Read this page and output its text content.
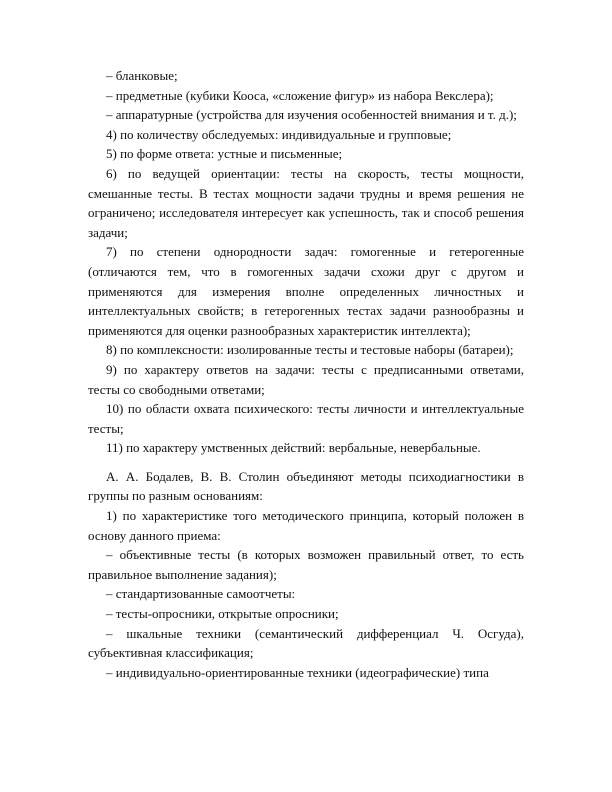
– бланковые;

– предметные (кубики Кооса, «сложение фигур» из набора Векслера);

– аппаратурные (устройства для изучения особенностей внимания и т. д.);

4) по количеству обследуемых: индивидуальные и групповые;

5) по форме ответа: устные и письменные;

6) по ведущей ориентации: тесты на скорость, тесты мощности, смешанные тесты. В тестах мощности задачи трудны и время решения не ограничено; исследователя интересует как успешность, так и способ решения задачи;

7) по степени однородности задач: гомогенные и гетерогенные (отличаются тем, что в гомогенных задачи схожи друг с другом и применяются для измерения вполне определенных личностных и интеллектуальных свойств; в гетерогенных тестах задачи разнообразны и применяются для оценки разнообразных характеристик интеллекта);

8) по комплексности: изолированные тесты и тестовые наборы (батареи);

9) по характеру ответов на задачи: тесты с предписанными ответами, тесты со свободными ответами;

10) по области охвата психического: тесты личности и интеллектуальные тесты;

11) по характеру умственных действий: вербальные, невербальные.

А. А. Бодалев, В. В. Столин объединяют методы психодиагностики в группы по разным основаниям:

1) по характеристике того методического принципа, который положен в основу данного приема:

– объективные тесты (в которых возможен правильный ответ, то есть правильное выполнение задания);

– стандартизованные самоотчеты:

– тесты-опросники, открытые опросники;

– шкальные техники (семантический дифференциал Ч. Осгуда), субъективная классификация;

– индивидуально-ориентированные техники (идеографические) типа
